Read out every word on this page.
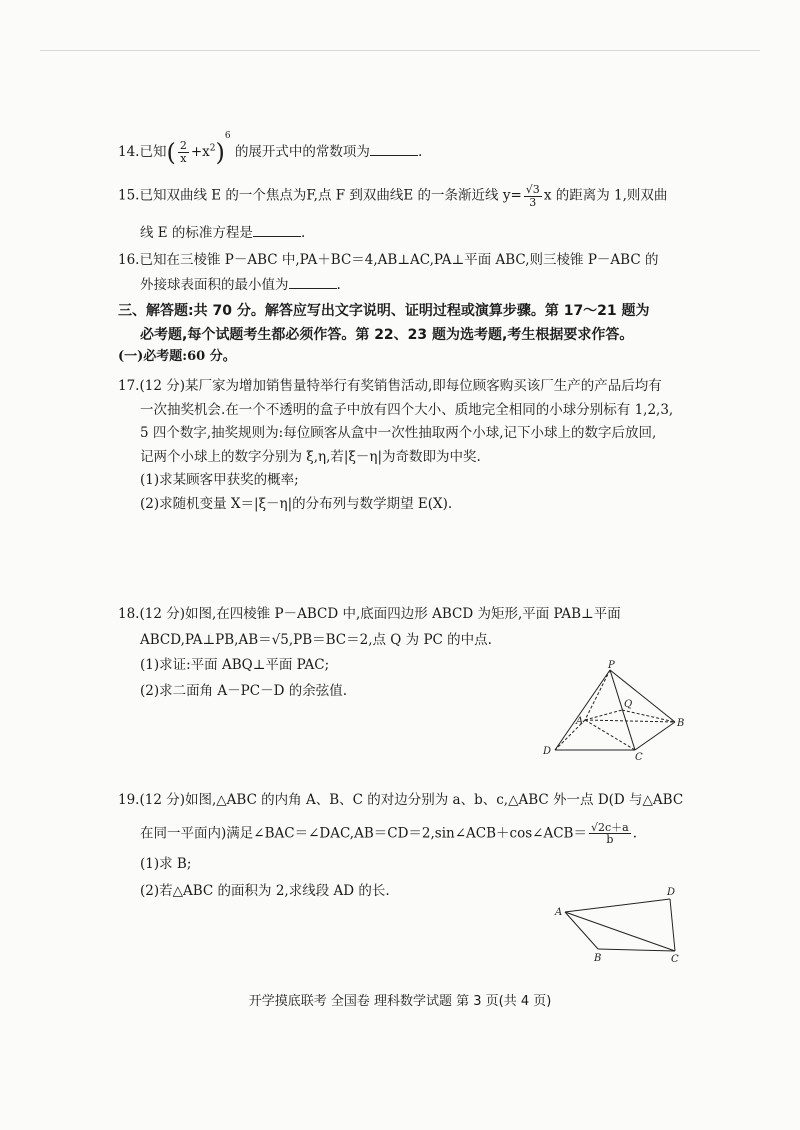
14.已知( $\frac{2}{x} +x^2)^6$ 的展开式中的常数项为	.
15.已知双曲线 E 的一个焦点为F,点 F 到双曲线E 的一条渐近线 $y= \frac{√3}{3}$ x 的距离为 1,则双曲
线 E 的标准方程是	.
16.已知在三棱锥 P－ABC 中,PA＋BC＝4,AB⊥AC,PA⊥平面 ABC,则三棱锥 P－ABC 的
外接球表面积的最小值为	.
三、解答题:共 70 分。解答应写出文字说明、证明过程或演算步骤。第 17～21 题为
必考题,每个试题考生都必须作答。第 22、23 题为选考题,考生根据要求作答。
(一)必考题:60 分。
17.(12 分)某厂家为增加销售量特举行有奖销售活动,即每位顾客购买该厂生产的产品后均有
一次抽奖机会.在一个不透明的盒子中放有四个大小、质地完全相同的小球分别标有 1,2,3,
5 四个数字,抽奖规则为:每位顾客从盒中一次性抽取两个小球,记下小球上的数字后放回,
记两个小球上的数字分别为 ξ,η,若|ξ－η|为奇数即为中奖.
(1)求某顾客甲获奖的概率;
(2)求随机变量 X＝|ξ－η|的分布列与数学期望 E(X).
18.(12 分)如图,在四棱锥 P－ABCD 中,底面四边形 ABCD 为矩形,平面 PAB⊥平面
ABCD,PA⊥PB,AB＝√5,PB＝BC＝2,点 Q 为 PC 的中点.
(1)求证:平面 ABQ⊥平面 PAC;
(2)求二面角 A－PC－D 的余弦值.
19.(12 分)如图,△ABC 的内角 A、B、C 的对边分别为 a、b、c,△ABC 外一点 D(D 与△ABC
在同一平面内)满足∠BAC＝∠DAC,AB＝CD＝2,sin∠ACB＋cos∠ACB＝ $\frac{√2c+a}{b}$ .
(1)求 B;
(2)若△ABC 的面积为 2,求线段 AD 的长.
P
Q
A	B
C
D
A
D
B	C
开学摸底联考 全国卷 理科数学试题 第 3 页(共 4 页)
